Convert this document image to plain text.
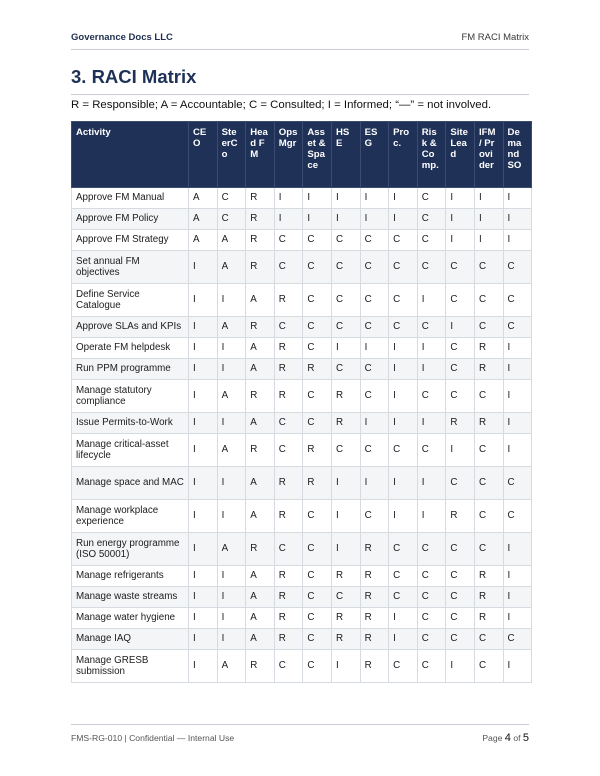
Governance Docs LLC	FM RACI Matrix
3. RACI Matrix

R = Responsible; A = Accountable; C = Consulted; I = Informed; “—” = not involved.

Activity	CEO	SteerCo	Head FM	Ops Mgr	Asset & Space	HSE	ESG	Proc.	Risk & Comp.	Site Lead	IFM / Provider	Demand SO
Approve FM Manual	A	C	R	I	I	I	I	I	C	I	I	I
Approve FM Policy	A	C	R	I	I	I	I	I	C	I	I	I
Approve FM Strategy	A	A	R	C	C	C	C	C	C	I	I	I
Set annual FM objectives	I	A	R	C	C	C	C	C	C	C	C	C
Define Service Catalogue	I	I	A	R	C	C	C	C	I	C	C	C
Approve SLAs and KPIs	I	A	R	C	C	C	C	C	C	I	C	C
Operate FM helpdesk	I	I	A	R	C	I	I	I	I	C	R	I
Run PPM programme	I	I	A	R	R	C	C	I	I	C	R	I
Manage statutory compliance	I	A	R	R	C	R	C	I	C	C	C	I
Issue Permits-to-Work	I	I	A	C	C	R	I	I	I	R	R	I
Manage critical-asset lifecycle	I	A	R	C	R	C	C	C	C	I	C	I
Manage space and MAC	I	I	A	R	R	I	I	I	I	C	C	C
Manage workplace experience	I	I	A	R	C	I	C	I	I	R	C	C
Run energy programme (ISO 50001)	I	A	R	C	C	I	R	C	C	C	C	I
Manage refrigerants	I	I	A	R	C	R	R	C	C	C	R	I
Manage waste streams	I	I	A	R	C	C	R	C	C	C	R	I
Manage water hygiene	I	I	A	R	C	R	R	I	C	C	R	I
Manage IAQ	I	I	A	R	C	R	R	I	C	C	C	C
Manage GRESB submission	I	A	R	C	C	I	R	C	C	I	C	I
FMS-RG-010 | Confidential — Internal Use	Page 4 of 5
